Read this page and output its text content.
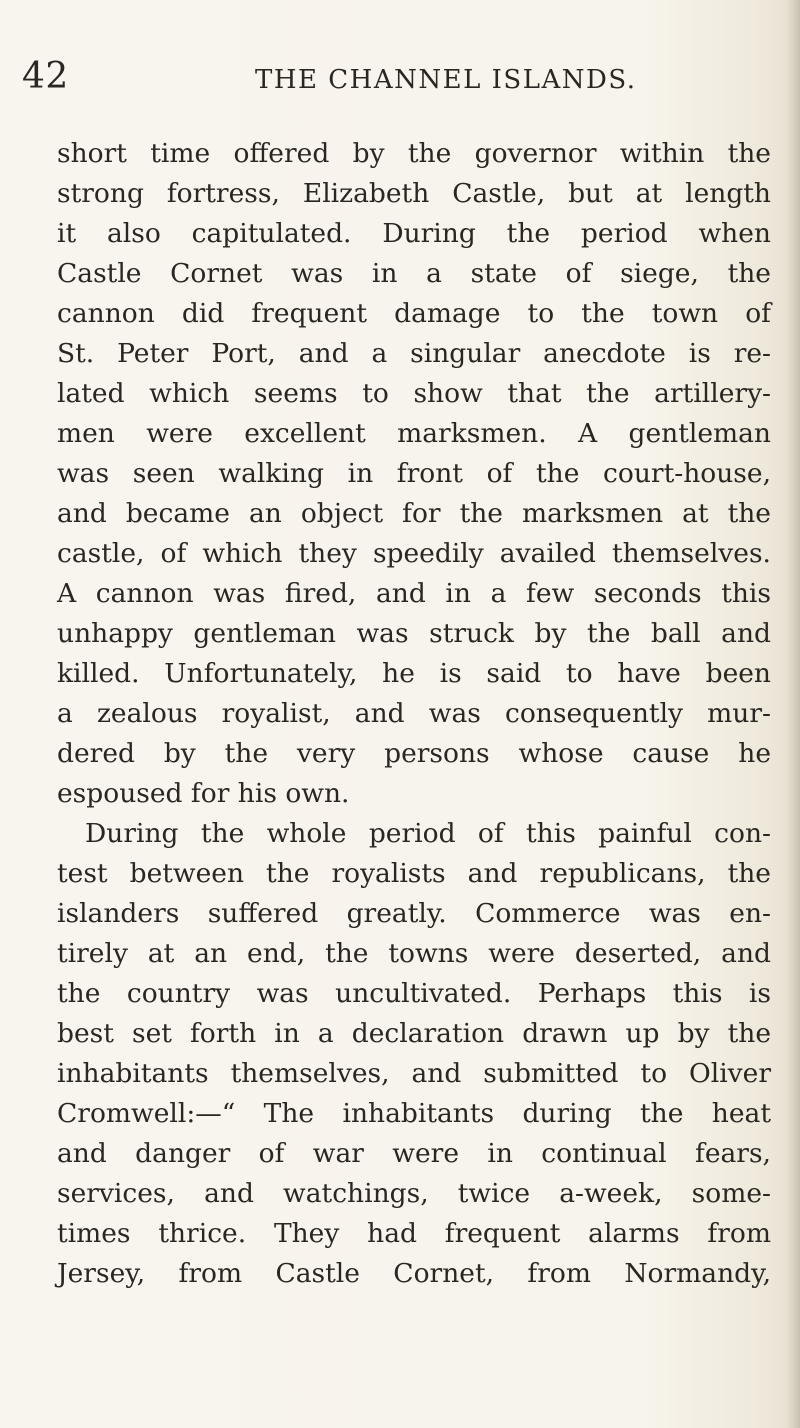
42	THE CHANNEL ISLANDS.

short time offered by the governor within the
strong fortress, Elizabeth Castle, but at length
it also capitulated. During the period when
Castle Cornet was in a state of siege, the
cannon did frequent damage to the town of
St. Peter Port, and a singular anecdote is re-
lated which seems to show that the artillery-
men were excellent marksmen. A gentleman
was seen walking in front of the court-house,
and became an object for the marksmen at the
castle, of which they speedily availed themselves.
A cannon was fired, and in a few seconds this
unhappy gentleman was struck by the ball and
killed. Unfortunately, he is said to have been
a zealous royalist, and was consequently mur-
dered by the very persons whose cause he
espoused for his own.
During the whole period of this painful con-
test between the royalists and republicans, the
islanders suffered greatly. Commerce was en-
tirely at an end, the towns were deserted, and
the country was uncultivated. Perhaps this is
best set forth in a declaration drawn up by the
inhabitants themselves, and submitted to Oliver
Cromwell:—“ The inhabitants during the heat
and danger of war were in continual fears,
services, and watchings, twice a-week, some-
times thrice. They had frequent alarms from
Jersey, from Castle Cornet, from Normandy,
